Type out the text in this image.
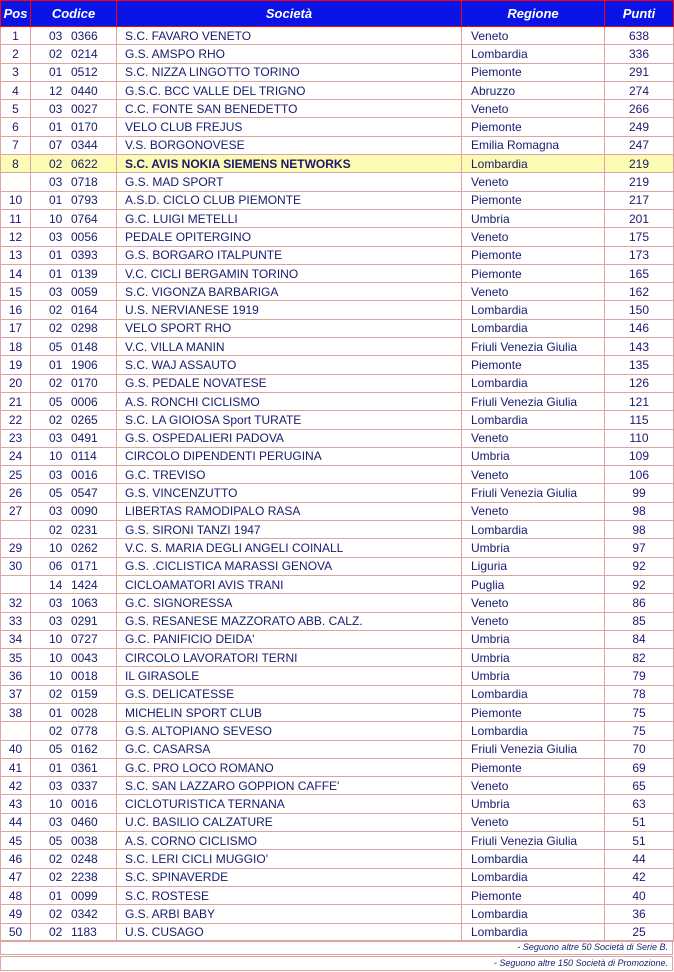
Pos	Codice	Società	Regione	Punti
1	03 0366	S.C. FAVARO VENETO	Veneto	638
2	02 0214	G.S. AMSPO RHO	Lombardia	336
3	01 0512	S.C. NIZZA LINGOTTO TORINO	Piemonte	291
4	12 0440	G.S.C. BCC VALLE DEL TRIGNO	Abruzzo	274
5	03 0027	C.C. FONTE SAN BENEDETTO	Veneto	266
6	01 0170	VELO CLUB FREJUS	Piemonte	249
7	07 0344	V.S. BORGONOVESE	Emilia Romagna	247
8	02 0622	S.C. AVIS NOKIA SIEMENS NETWORKS	Lombardia	219
	03 0718	G.S. MAD SPORT	Veneto	219
10	01 0793	A.S.D. CICLO CLUB PIEMONTE	Piemonte	217
11	10 0764	G.C. LUIGI METELLI	Umbria	201
12	03 0056	PEDALE OPITERGINO	Veneto	175
13	01 0393	G.S. BORGARO ITALPUNTE	Piemonte	173
14	01 0139	V.C. CICLI BERGAMIN TORINO	Piemonte	165
15	03 0059	S.C. VIGONZA BARBARIGA	Veneto	162
16	02 0164	U.S. NERVIANESE 1919	Lombardia	150
17	02 0298	VELO SPORT RHO	Lombardia	146
18	05 0148	V.C. VILLA MANIN	Friuli Venezia Giulia	143
19	01 1906	S.C. WAJ ASSAUTO	Piemonte	135
20	02 0170	G.S. PEDALE NOVATESE	Lombardia	126
21	05 0006	A.S. RONCHI CICLISMO	Friuli Venezia Giulia	121
22	02 0265	S.C. LA GIOIOSA Sport TURATE	Lombardia	115
23	03 0491	G.S. OSPEDALIERI PADOVA	Veneto	110
24	10 0114	CIRCOLO DIPENDENTI PERUGINA	Umbria	109
25	03 0016	G.C. TREVISO	Veneto	106
26	05 0547	G.S. VINCENZUTTO	Friuli Venezia Giulia	99
27	03 0090	LIBERTAS RAMODIPALO RASA	Veneto	98
	02 0231	G.S. SIRONI TANZI 1947	Lombardia	98
29	10 0262	V.C. S. MARIA DEGLI ANGELI COINALL	Umbria	97
30	06 0171	G.S. .CICLISTICA MARASSI GENOVA	Liguria	92
	14 1424	CICLOAMATORI AVIS TRANI	Puglia	92
32	03 1063	G.C. SIGNORESSA	Veneto	86
33	03 0291	G.S. RESANESE MAZZORATO ABB. CALZ.	Veneto	85
34	10 0727	G.C. PANIFICIO DEIDA'	Umbria	84
35	10 0043	CIRCOLO LAVORATORI TERNI	Umbria	82
36	10 0018	IL GIRASOLE	Umbria	79
37	02 0159	G.S. DELICATESSE	Lombardia	78
38	01 0028	MICHELIN SPORT CLUB	Piemonte	75
	02 0778	G.S. ALTOPIANO SEVESO	Lombardia	75
40	05 0162	G.C. CASARSA	Friuli Venezia Giulia	70
41	01 0361	G.C. PRO LOCO ROMANO	Piemonte	69
42	03 0337	S.C. SAN LAZZARO GOPPION CAFFE'	Veneto	65
43	10 0016	CICLOTURISTICA TERNANA	Umbria	63
44	03 0460	U.C. BASILIO CALZATURE	Veneto	51
45	05 0038	A.S. CORNO CICLISMO	Friuli Venezia Giulia	51
46	02 0248	S.C. LERI CICLI MUGGIO'	Lombardia	44
47	02 2238	S.C. SPINAVERDE	Lombardia	42
48	01 0099	S.C. ROSTESE	Piemonte	40
49	02 0342	G.S. ARBI BABY	Lombardia	36
50	02 1183	U.S. CUSAGO	Lombardia	25
- Seguono altre 50 Società di Serie B.
- Seguono altre 150 Società di Promozione.
